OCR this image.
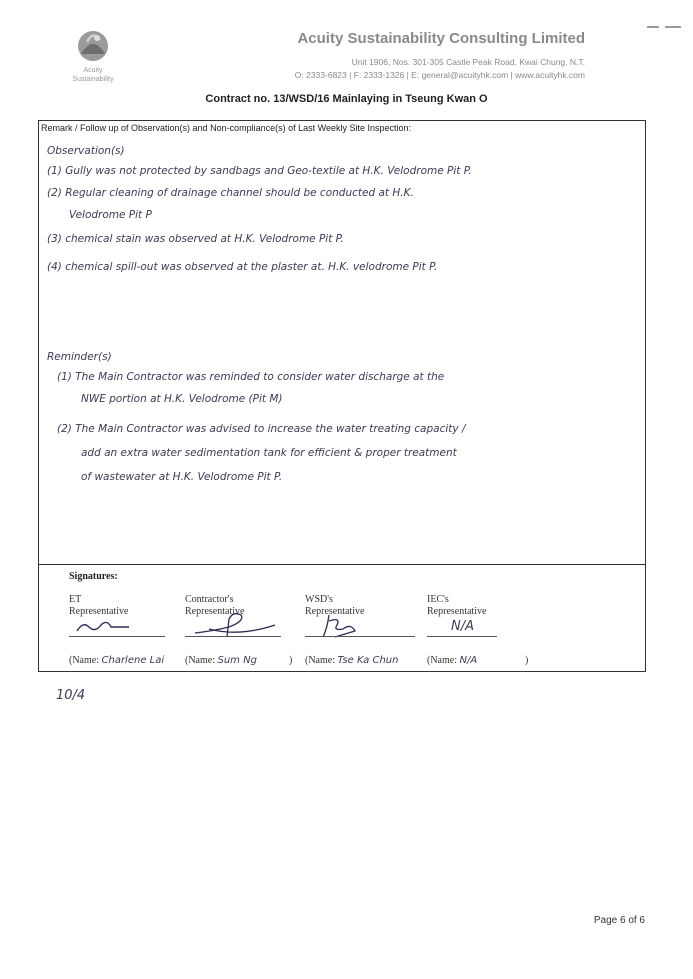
Acuity
Sustainability
Acuity Sustainability Consulting Limited
Unit 1906, Nos. 301-305 Castle Peak Road, Kwai Chung, N.T.
O: 2333-6823 | F: 2333-1326 | E: general@acuityhk.com | www.acuityhk.com
Contract no. 13/WSD/16 Mainlaying in Tseung Kwan O
Remark / Follow up of Observation(s) and Non-compliance(s) of Last Weekly Site Inspection:
Observation(s)
(1) Gully was not protected by sandbags and Geo-textile at H.K. Velodrome Pit P.
(2) Regular cleaning of drainage channel should be conducted at H.K.
Velodrome Pit P
(3) chemical stain was observed at H.K. Velodrome Pit P.
(4) chemical spill-out was observed at the plaster at. H.K. velodrome Pit P.
Reminder(s)
(1) The Main Contractor was reminded to consider water discharge at the
NWE portion at H.K. Velodrome (Pit M)
(2) The Main Contractor was advised to increase the water treating capacity /
add an extra water sedimentation tank for efficient & proper treatment
of wastewater at H.K. Velodrome Pit P.
Signatures:
ET
Representative
(Name: Charlene Lai
Contractor's
Representative
(Name: Sum Ng	)
WSD's
Representative
(Name: Tse Ka Chun
IEC's
Representative
N/A
(Name: N/A	)
10/4
Page 6 of 6
